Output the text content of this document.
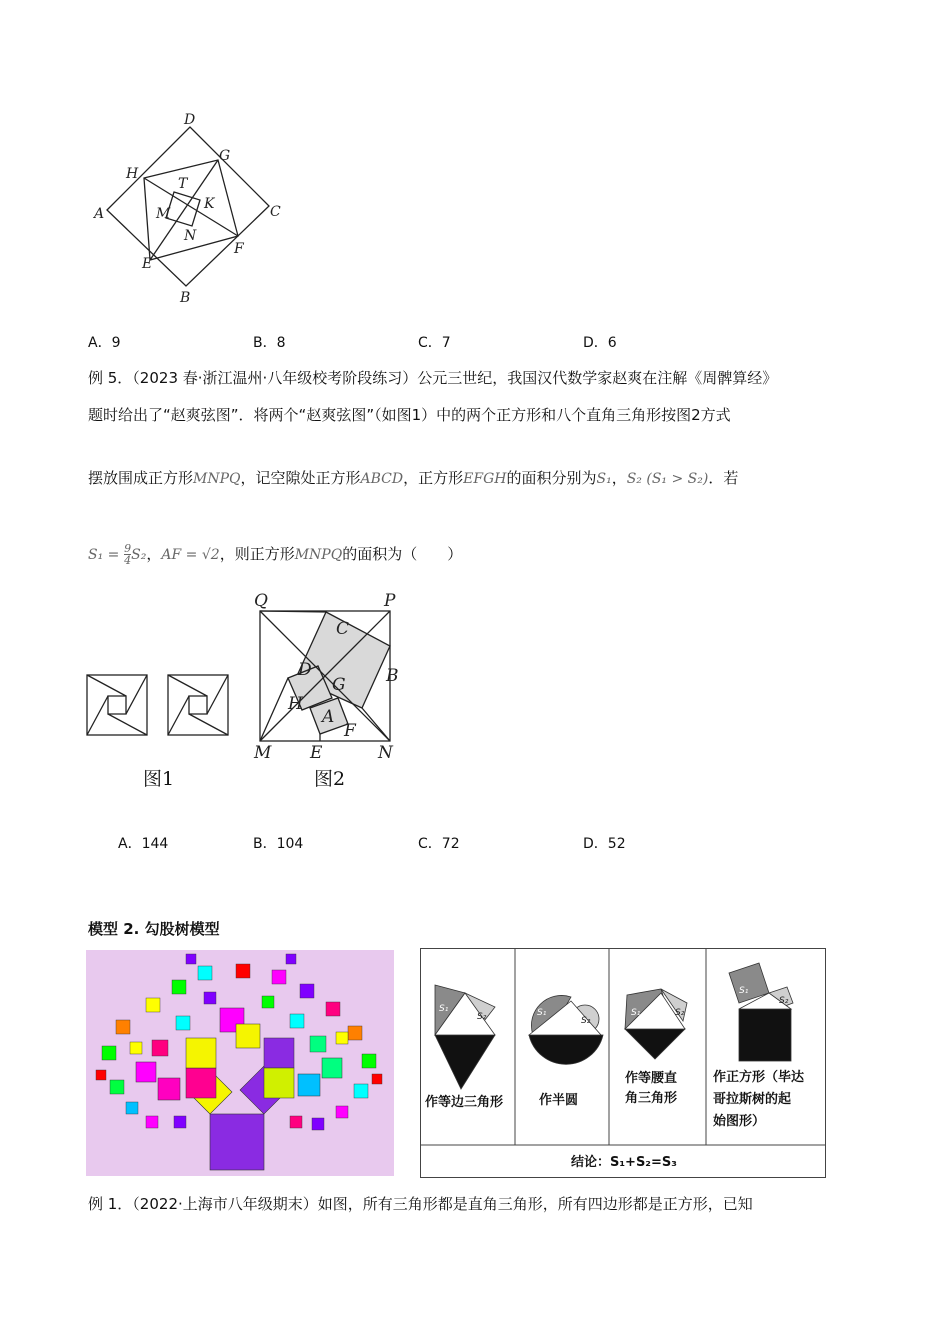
D
G
H
T
C
A	M
K
N
F
E
B
A．9	B．8	C．7	D．6
例 5．（2023 春·浙江温州·八年级校考阶段练习）公元三世纪，我国汉代数学家赵爽在注解《周髀算经》
题时给出了“赵爽弦图”．将两个“赵爽弦图”（如图1）中的两个正方形和八个直角三角形按图2方式
摆放围成正方形MNPQ，记空隙处正方形ABCD，正方形EFGH的面积分别为S₁，S₂ (S₁ > S₂)．若
$S_1 = \frac{9}{4} S_2$，AF = √2，则正方形MNPQ的面积为（　　）
图1
Q	P
C
D	B
G
H
A
F
M E	N
图2
A．144	B．104	C．72	D．52
模型 2. 勾股树模型
S₁
S₂	S₁
S₂
S₁	S₂
S₁
S₂
作等边三角形	作半圆
作等腰直
角三角形
作正方形（毕达
哥拉斯树的起
始图形）
结论：S₁+S₂=S₃
例 1．（2022·上海市八年级期末）如图，所有三角形都是直角三角形，所有四边形都是正方形，已知
